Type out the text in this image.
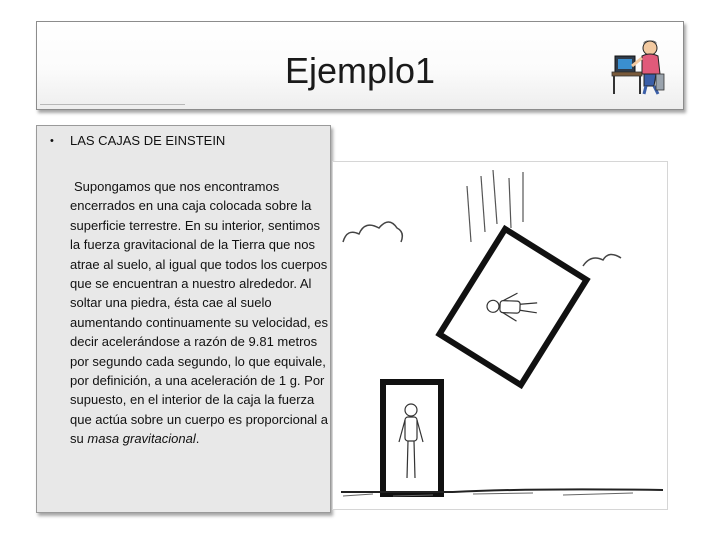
Ejemplo1
• LAS CAJAS DE EINSTEIN
Supongamos que nos encontramos encerrados en una caja colocada sobre la superficie terrestre. En su interior, sentimos la fuerza gravitacional de la Tierra que nos atrae al suelo, al igual que todos los cuerpos que se encuentran a nuestro alrededor. Al soltar una piedra, ésta cae al suelo aumentando continuamente su velocidad, es decir acelerándose a razón de 9.81 metros por segundo cada segundo, lo que equivale, por definición, a una aceleración de 1 g. Por supuesto, en el interior de la caja la fuerza que actúa sobre un cuerpo es proporcional a su masa gravitacional.
